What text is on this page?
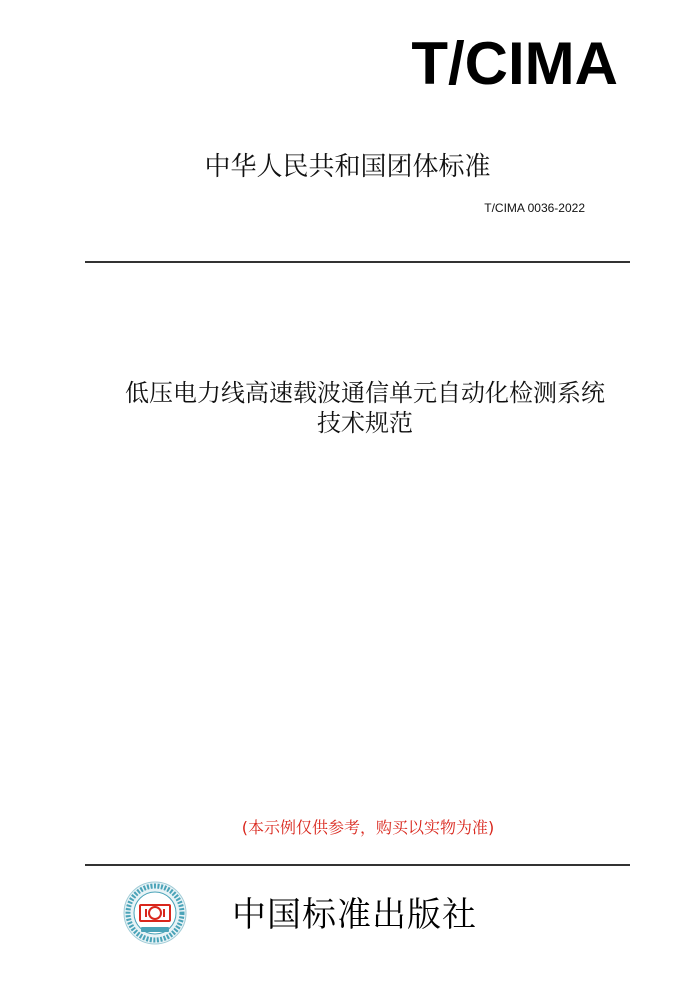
T/CIMA
中华人民共和国团体标准
T/CIMA 0036-2022
低压电力线高速载波通信单元自动化检测系统
技术规范
(本示例仅供参考，购买以实物为准)
中国标准出版社
